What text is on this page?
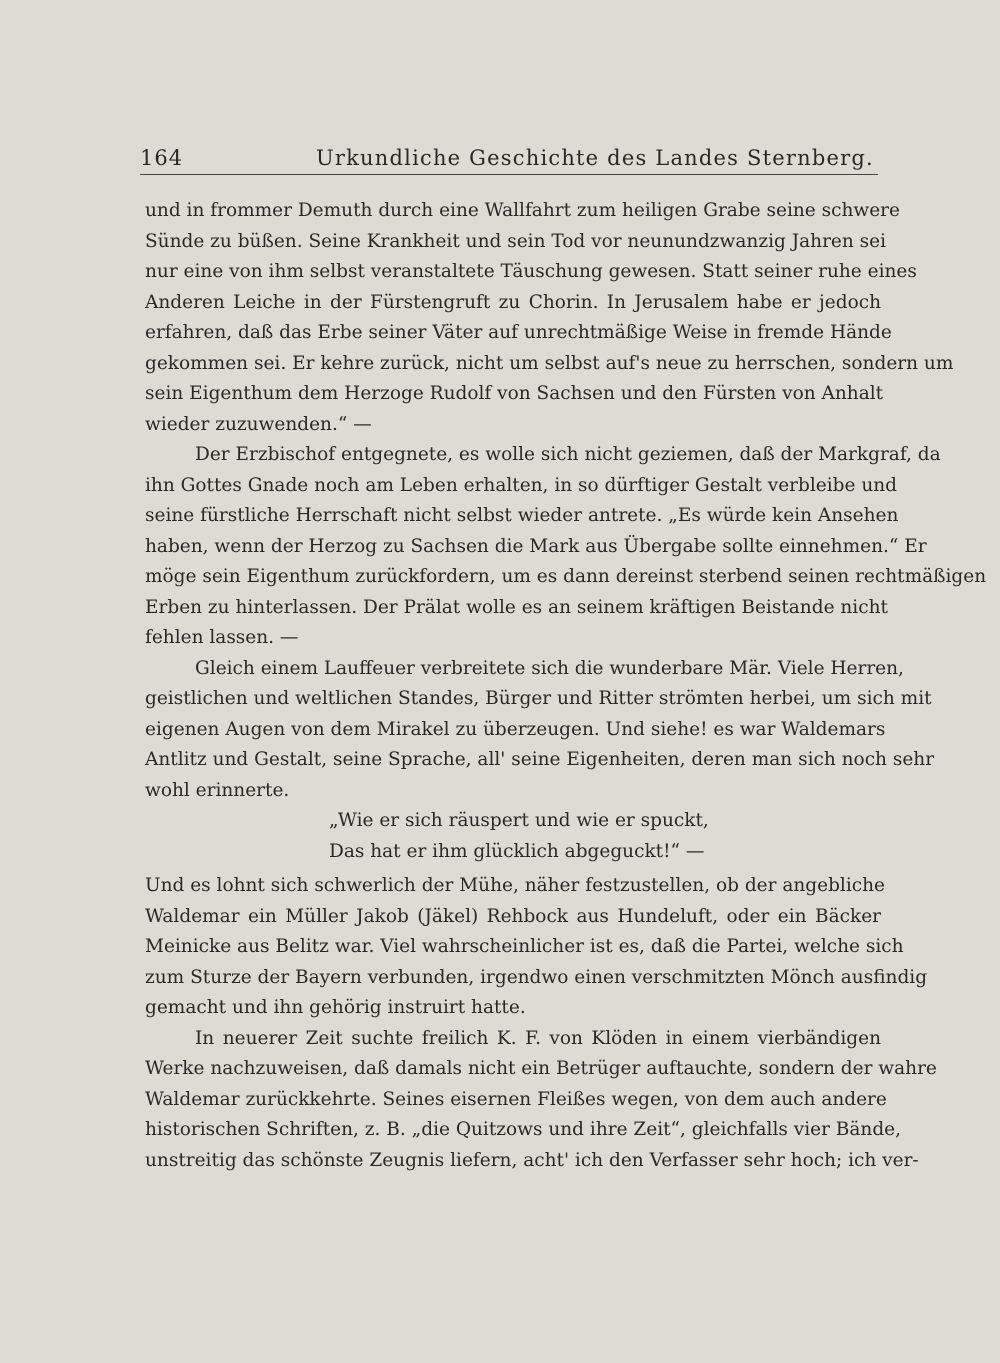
164	Urkundliche Geschichte des Landes Sternberg.
und in frommer Demuth durch eine Wallfahrt zum heiligen Grabe seine schwere
Sünde zu büßen. Seine Krankheit und sein Tod vor neunundzwanzig Jahren sei
nur eine von ihm selbst veranstaltete Täuschung gewesen. Statt seiner ruhe eines
Anderen Leiche in der Fürstengruft zu Chorin. In Jerusalem habe er jedoch
erfahren, daß das Erbe seiner Väter auf unrechtmäßige Weise in fremde Hände
gekommen sei. Er kehre zurück, nicht um selbst auf's neue zu herrschen, sondern um
sein Eigenthum dem Herzoge Rudolf von Sachsen und den Fürsten von Anhalt
wieder zuzuwenden.“ —
Der Erzbischof entgegnete, es wolle sich nicht geziemen, daß der Markgraf, da
ihn Gottes Gnade noch am Leben erhalten, in so dürftiger Gestalt verbleibe und
seine fürstliche Herrschaft nicht selbst wieder antrete. „Es würde kein Ansehen
haben, wenn der Herzog zu Sachsen die Mark aus Übergabe sollte einnehmen.“ Er
möge sein Eigenthum zurückfordern, um es dann dereinst sterbend seinen rechtmäßigen
Erben zu hinterlassen. Der Prälat wolle es an seinem kräftigen Beistande nicht
fehlen lassen. —
Gleich einem Lauffeuer verbreitete sich die wunderbare Mär. Viele Herren,
geistlichen und weltlichen Standes, Bürger und Ritter strömten herbei, um sich mit
eigenen Augen von dem Mirakel zu überzeugen. Und siehe! es war Waldemars
Antlitz und Gestalt, seine Sprache, all' seine Eigenheiten, deren man sich noch sehr
wohl erinnerte.
„Wie er sich räuspert und wie er spuckt,
Das hat er ihm glücklich abgeguckt!“ —
Und es lohnt sich schwerlich der Mühe, näher festzustellen, ob der angebliche
Waldemar ein Müller Jakob (Jäkel) Rehbock aus Hundeluft, oder ein Bäcker
Meinicke aus Belitz war. Viel wahrscheinlicher ist es, daß die Partei, welche sich
zum Sturze der Bayern verbunden, irgendwo einen verschmitzten Mönch ausfindig
gemacht und ihn gehörig instruirt hatte.
In neuerer Zeit suchte freilich K. F. von Klöden in einem vierbändigen
Werke nachzuweisen, daß damals nicht ein Betrüger auftauchte, sondern der wahre
Waldemar zurückkehrte. Seines eisernen Fleißes wegen, von dem auch andere
historischen Schriften, z. B. „die Quitzows und ihre Zeit“, gleichfalls vier Bände,
unstreitig das schönste Zeugnis liefern, acht' ich den Verfasser sehr hoch; ich ver-
